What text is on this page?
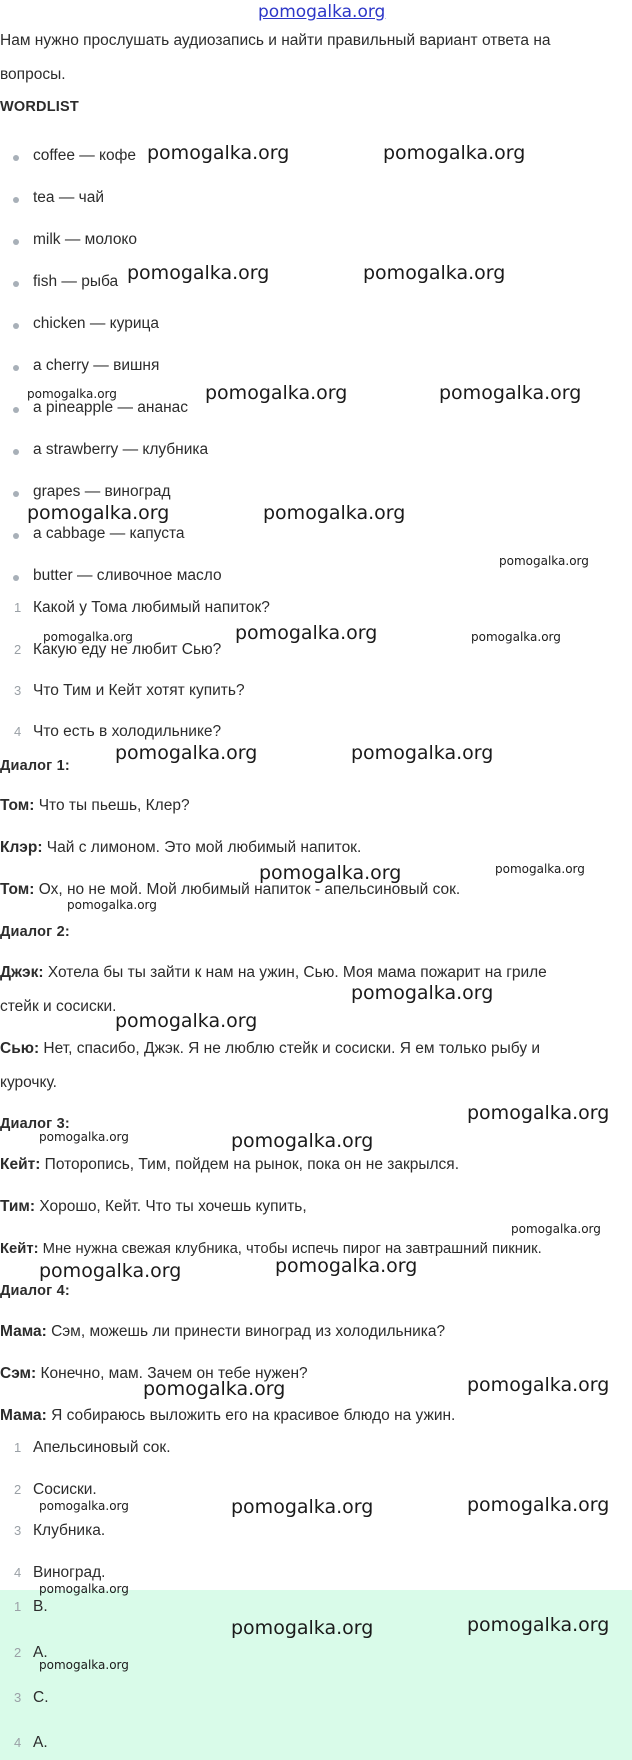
pomogalka.org
Нам нужно прослушать аудиозапись и найти правильный вариант ответа на
вопросы.
WORDLIST
coffee — кофе
tea — чай
milk — молоко
fish — рыба
chicken — курица
a cherry — вишня
a pineapple — ананас
a strawberry — клубника
grapes — виноград
a cabbage — капуста
butter — сливочное масло
1 Какой у Тома любимый напиток?
2 Какую еду не любит Сью?
3 Что Тим и Кейт хотят купить?
4 Что есть в холодильнике?
Диалог 1:
Том: Что ты пьешь, Клер?
Клэр: Чай с лимоном. Это мой любимый напиток.
Том: Ох, но не мой. Мой любимый напиток - апельсиновый сок.
Диалог 2:
Джэк: Хотела бы ты зайти к нам на ужин, Сью. Моя мама пожарит на гриле
стейк и сосиски.
Сью: Нет, спасибо, Джэк. Я не люблю стейк и сосиски. Я ем только рыбу и
курочку.
Диалог 3:
Кейт: Поторопись, Тим, пойдем на рынок, пока он не закрылся.
Тим: Хорошо, Кейт. Что ты хочешь купить,
Кейт: Мне нужна свежая клубника, чтобы испечь пирог на завтрашний пикник.
Диалог 4:
Мама: Сэм, можешь ли принести виноград из холодильника?
Сэм: Конечно, мам. Зачем он тебе нужен?
Мама: Я собираюсь выложить его на красивое блюдо на ужин.
1 Апельсиновый сок.
2 Сосиски.
3 Клубника.
4 Виноград.
1 B.
2 A.
3 C.
4 A.
pomogalka.org	pomogalka.org
pomogalka.org	pomogalka.org
pomogalka.org	pomogalka.org	pomogalka.org
pomogalka.org	pomogalka.org
pomogalka.org
pomogalka.org	pomogalka.org	pomogalka.org
pomogalka.org	pomogalka.org
pomogalka.org	pomogalka.org
pomogalka.org
pomogalka.org
pomogalka.org
pomogalka.org
pomogalka.org	pomogalka.org
pomogalka.org
pomogalka.org	pomogalka.org
pomogalka.org	pomogalka.org
pomogalka.org	pomogalka.org	pomogalka.org
pomogalka.org
pomogalka.org	pomogalka.org
pomogalka.org
